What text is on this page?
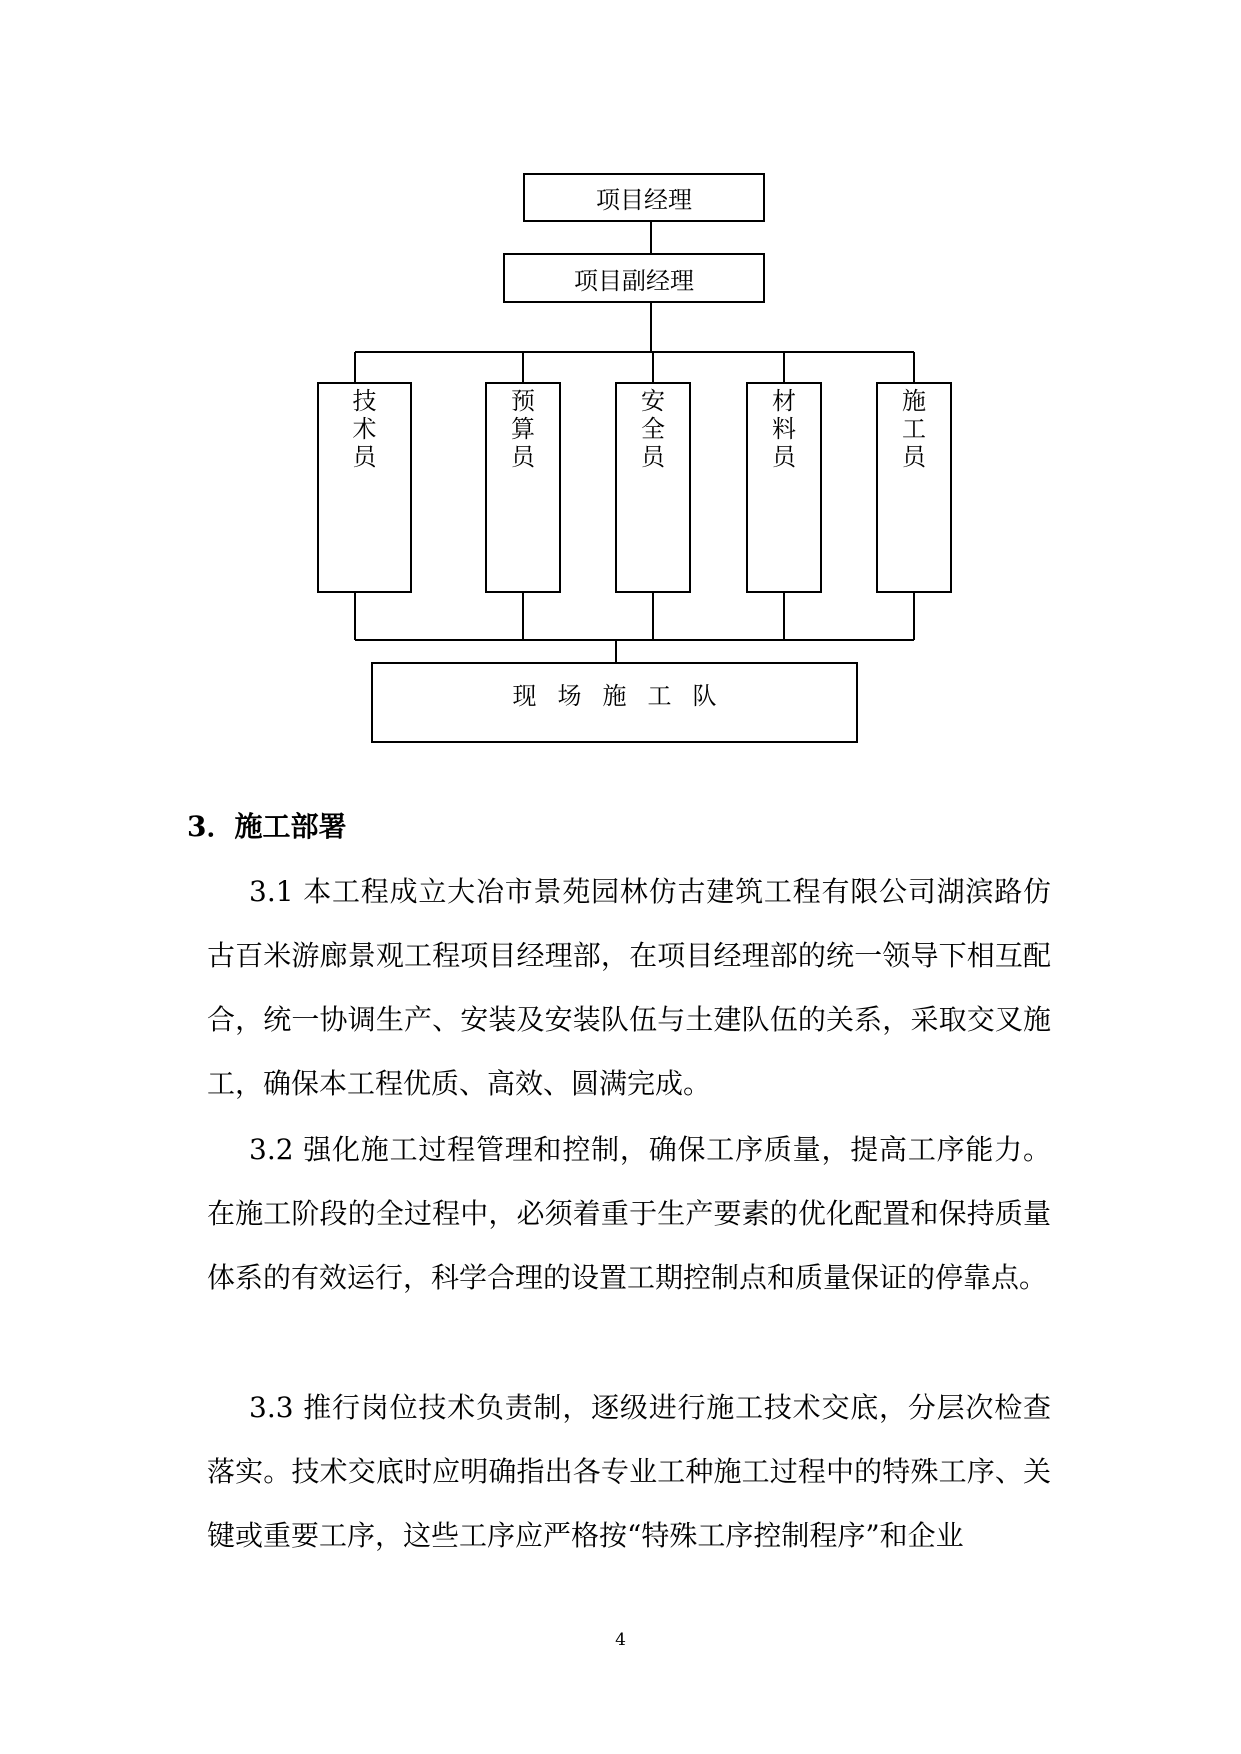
项目经理
项目副经理
技术员
预算员
安全员
材料员
施工员
现场施工队
3．施工部署

3.1 本工程成立大冶市景苑园林仿古建筑工程有限公司湖滨路仿古百米游廊景观工程项目经理部，在项目经理部的统一领导下相互配合，统一协调生产、安装及安装队伍与土建队伍的关系，采取交叉施工，确保本工程优质、高效、圆满完成。

3.2 强化施工过程管理和控制，确保工序质量，提高工序能力。在施工阶段的全过程中，必须着重于生产要素的优化配置和保持质量体系的有效运行，科学合理的设置工期控制点和质量保证的停靠点。

3.3 推行岗位技术负责制，逐级进行施工技术交底，分层次检查落实。技术交底时应明确指出各专业工种施工过程中的特殊工序、关键或重要工序，这些工序应严格按“特殊工序控制程序”和企业

4
